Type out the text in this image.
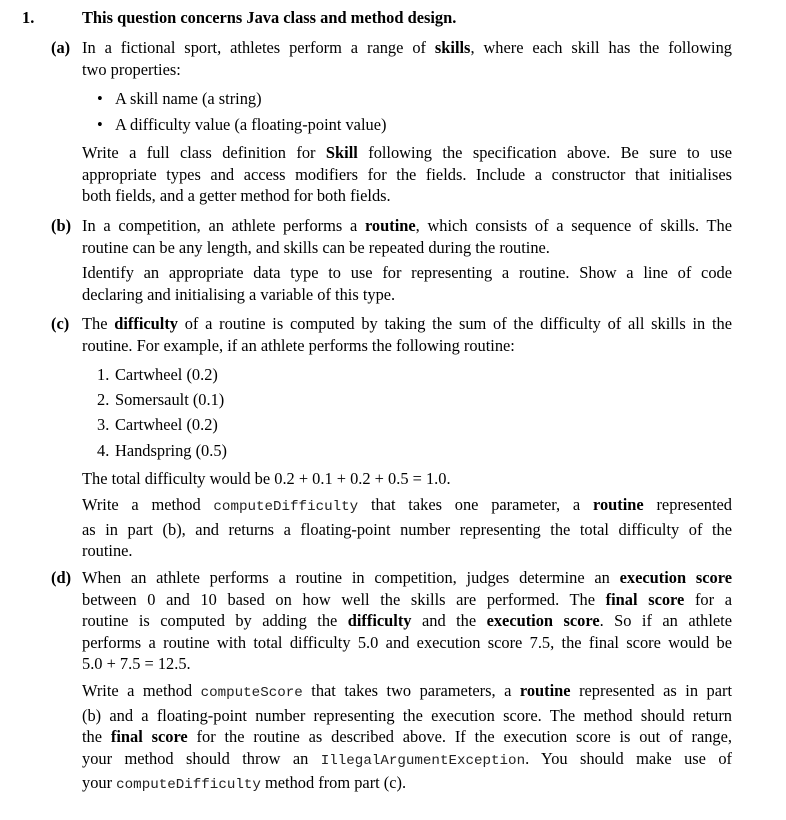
1.	This question concerns Java class and method design.
(a) In a fictional sport, athletes perform a range of skills, where each skill has the following
two properties:
• A skill name (a string)
• A difficulty value (a floating-point value)
Write a full class definition for Skill following the specification above. Be sure to use
appropriate types and access modifiers for the fields. Include a constructor that initialises
both fields, and a getter method for both fields.
(b) In a competition, an athlete performs a routine, which consists of a sequence of skills. The
routine can be any length, and skills can be repeated during the routine.
Identify an appropriate data type to use for representing a routine. Show a line of code
declaring and initialising a variable of this type.
(c) The difficulty of a routine is computed by taking the sum of the difficulty of all skills in the
routine. For example, if an athlete performs the following routine:
1. Cartwheel (0.2)
2. Somersault (0.1)
3. Cartwheel (0.2)
4. Handspring (0.5)
The total difficulty would be 0.2 + 0.1 + 0.2 + 0.5 = 1.0.
Write a method computeDifficulty that takes one parameter, a routine represented
as in part (b), and returns a floating-point number representing the total difficulty of the
routine.
(d) When an athlete performs a routine in competition, judges determine an execution score
between 0 and 10 based on how well the skills are performed. The final score for a
routine is computed by adding the difficulty and the execution score. So if an athlete
performs a routine with total difficulty 5.0 and execution score 7.5, the final score would be
5.0 + 7.5 = 12.5.
Write a method computeScore that takes two parameters, a routine represented as in part
(b) and a floating-point number representing the execution score. The method should return
the final score for the routine as described above. If the execution score is out of range,
your method should throw an IllegalArgumentException. You should make use of
your computeDifficulty method from part (c).
